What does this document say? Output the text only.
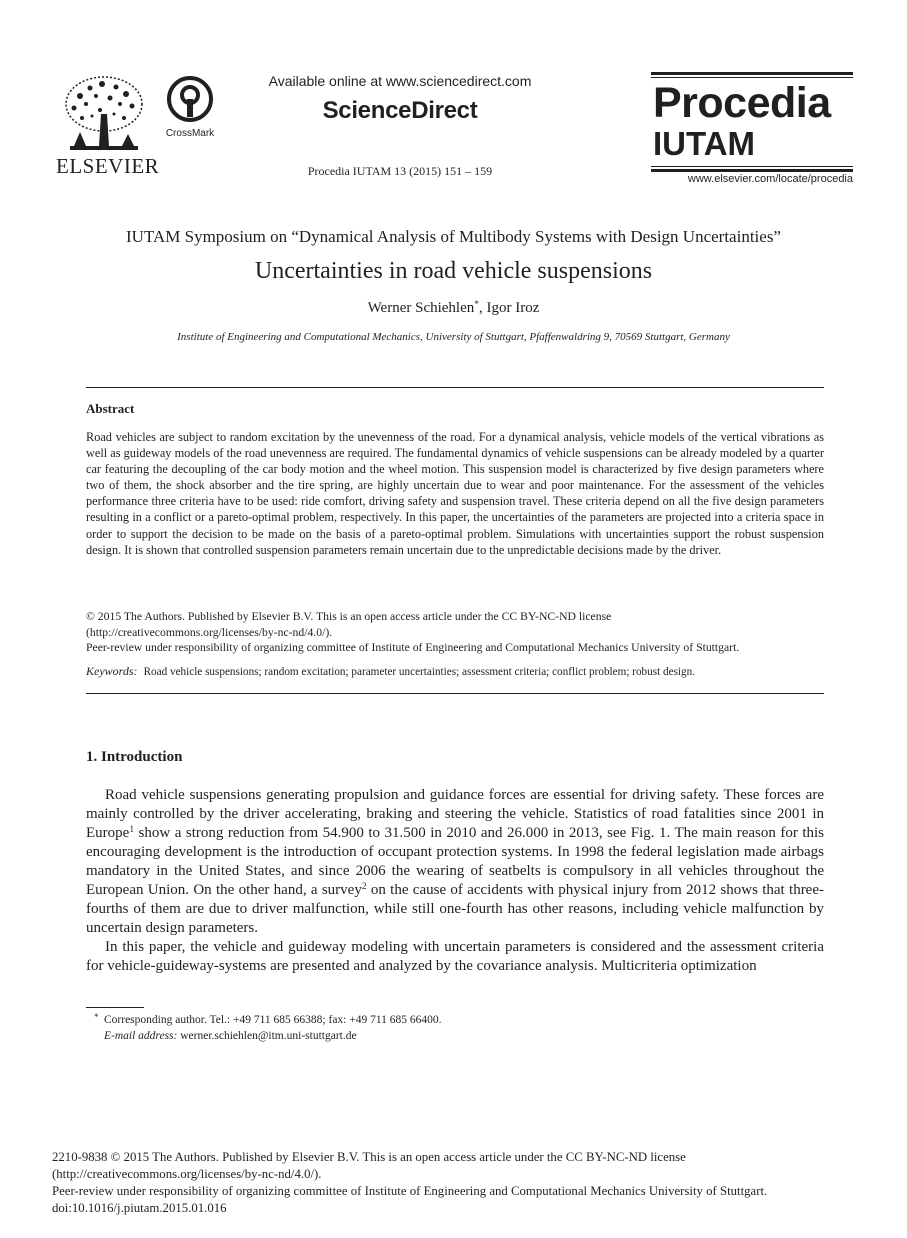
ELSEVIER
CrossMark
Available online at www.sciencedirect.com
ScienceDirect
Procedia IUTAM 13 (2015) 151 – 159
Procedia
IUTAM
www.elsevier.com/locate/procedia
IUTAM Symposium on “Dynamical Analysis of Multibody Systems with Design Uncertainties”
Uncertainties in road vehicle suspensions
Werner Schiehlen*, Igor Iroz
Institute of Engineering and Computational Mechanics, University of Stuttgart, Pfaffenwaldring 9, 70569 Stuttgart, Germany
Abstract
Road vehicles are subject to random excitation by the unevenness of the road. For a dynamical analysis, vehicle models of the vertical vibrations as well as guideway models of the road unevenness are required. The fundamental dynamics of vehicle suspensions can be already modeled by a quarter car featuring the decoupling of the car body motion and the wheel motion. This suspension model is characterized by five design parameters where two of them, the shock absorber and the tire spring, are highly uncertain due to wear and poor maintenance. For the assessment of the vehicles performance three criteria have to be used: ride comfort, driving safety and suspension travel. These criteria depend on all the five design parameters resulting in a conflict or a pareto-optimal problem, respectively. In this paper, the uncertainties of the parameters are projected into a criteria space in order to support the decision to be made on the basis of a pareto-optimal problem. Simulations with uncertainties support the robust suspension design. It is shown that controlled suspension parameters remain uncertain due to the unpredictable decisions made by the driver.
© 2015 The Authors. Published by Elsevier B.V. This is an open access article under the CC BY-NC-ND license
(http://creativecommons.org/licenses/by-nc-nd/4.0/).
Peer-review under responsibility of organizing committee of Institute of Engineering and Computational Mechanics University of Stuttgart.
Keywords: Road vehicle suspensions; random excitation; parameter uncertainties; assessment criteria; conflict problem; robust design.
1. Introduction

Road vehicle suspensions generating propulsion and guidance forces are essential for driving safety. These forces are mainly controlled by the driver accelerating, braking and steering the vehicle. Statistics of road fatalities since 2001 in Europe$^1$ show a strong reduction from 54.900 to 31.500 in 2010 and 26.000 in 2013, see Fig. 1. The main reason for this encouraging development is the introduction of occupant protection systems. In 1998 the federal legislation made airbags mandatory in the United States, and since 2006 the wearing of seatbelts is compulsory in all vehicles throughout the European Union. On the other hand, a survey$^2$ on the cause of accidents with physical injury from 2012 shows that three-fourths of them are due to driver malfunction, while still one-fourth has other reasons, including vehicle malfunction by uncertain design parameters.

In this paper, the vehicle and guideway modeling with uncertain parameters is considered and the assessment criteria for vehicle-guideway-systems are presented and analyzed by the covariance analysis. Multicriteria optimization

* Corresponding author. Tel.: +49 711 685 66388; fax: +49 711 685 66400.
E-mail address: werner.schiehlen@itm.uni-stuttgart.de
2210-9838 © 2015 The Authors. Published by Elsevier B.V. This is an open access article under the CC BY-NC-ND license
(http://creativecommons.org/licenses/by-nc-nd/4.0/).
Peer-review under responsibility of organizing committee of Institute of Engineering and Computational Mechanics University of Stuttgart.
doi:10.1016/j.piutam.2015.01.016
